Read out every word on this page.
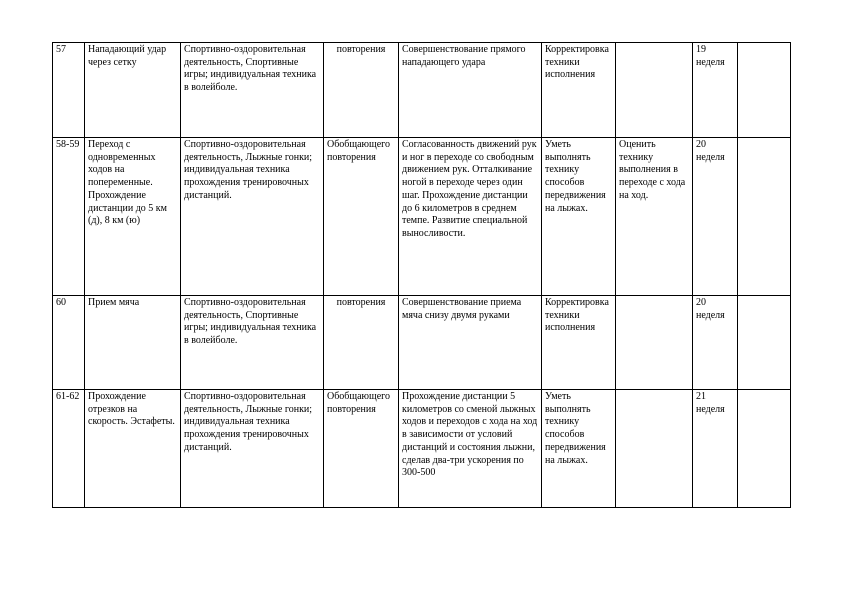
57	Нападающий удар через сетку	Спортивно-оздоровительная деятельность, Спортивные игры; индивидуальная техника в волейболе.	повторения	Совершенствование прямого нападающего удара	Корректировка техники исполнения		19 неделя	
58-59	Переход с одновременных ходов на попеременные. Прохождение дистанции до 5 км (д), 8 км (ю)	Спортивно-оздоровительная деятельность, Лыжные гонки; индивидуальная техника прохождения тренировочных дистанций.	Обобщающего повторения	Согласованность движений рук и ног в переходе со свободным движением рук. Отталкивание ногой в переходе через один шаг. Прохождение дистанции до 6 километров в среднем темпе. Развитие специальной выносливости.	Уметь выполнять технику способов передвижения на лыжах.	Оценить технику выполнения в переходе с хода на ход.	20 неделя	
60	Прием мяча	Спортивно-оздоровительная деятельность, Спортивные игры; индивидуальная техника в волейболе.	повторения	Совершенствование приема мяча снизу двумя руками	Корректировка техники исполнения		20 неделя	
61-62	Прохождение отрезков на скорость. Эстафеты.	Спортивно-оздоровительная деятельность, Лыжные гонки; индивидуальная техника прохождения тренировочных дистанций.	Обобщающего повторения	Прохождение дистанции 5 километров со сменой лыжных ходов и переходов с хода на ход в зависимости от условий дистанций и состояния лыжни, сделав два-три ускорения по 300-500	Уметь выполнять технику способов передвижения на лыжах.		21 неделя	
